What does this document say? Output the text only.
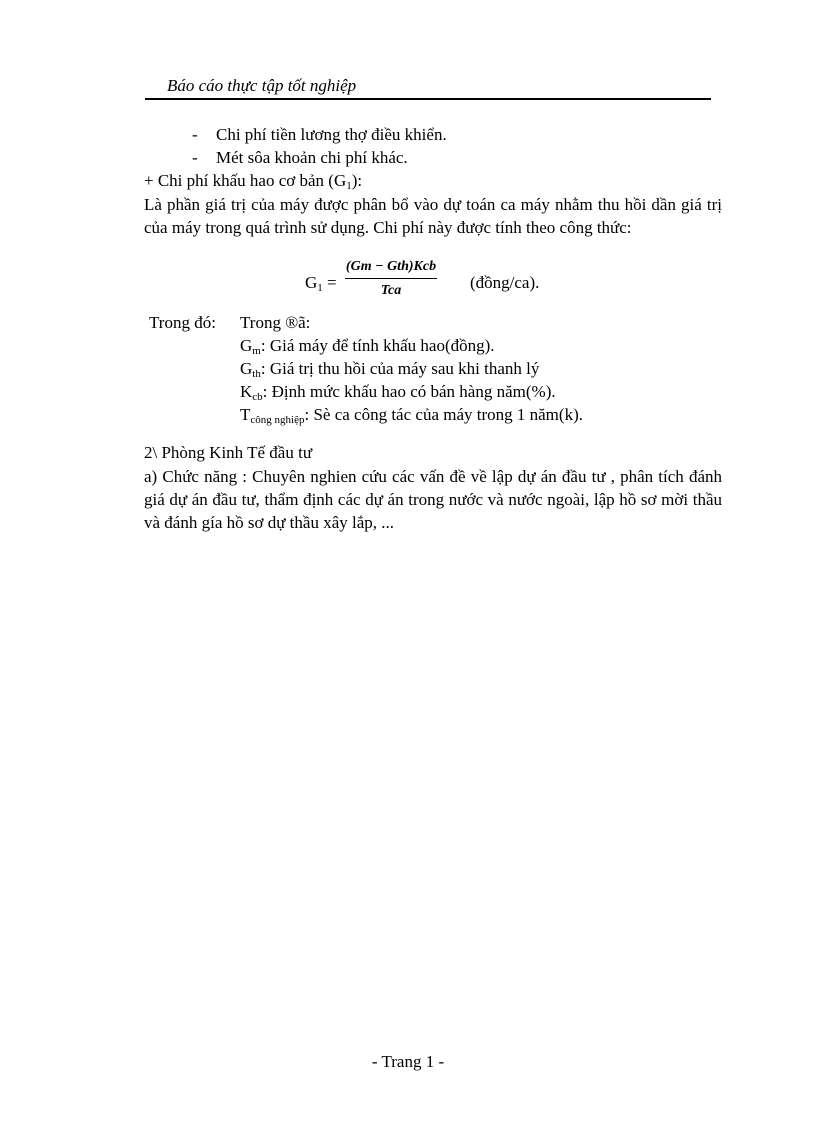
Báo cáo thực tập tốt nghiệp
- Chi phí tiền lương thợ điều khiển.
- Mét sôa khoản chi phí khác.
+ Chi phí khấu hao cơ bản $(G_1)$:
Là phần giá trị của máy được phân bổ vào dự toán ca máy nhằm thu hồi dần giá trị của máy trong quá trình sử dụng. Chi phí này được tính theo công thức:
$G_1$ =
(Gm − Gth)Kcb
Tca	(đồng/ca).
Trong đó: Trong ®ã:
$G_m$: Giá máy để tính khấu hao(đồng).
$G_{th}$: Giá trị thu hồi của máy sau khi thanh lý
$K_{cb}$: Định mức khấu hao có bán hàng năm(%).
$T_{công nghiệp}$: Sè ca công tác của máy trong 1 năm(k).
2\ Phòng Kinh Tế đầu tư
a) Chức năng : Chuyên nghien cứu các vấn đề về lập dự án đầu tư , phân tích đánh giá dự án đầu tư, thẩm định các dự án trong nước và nước ngoài, lập hồ sơ mời thầu và đánh gía hồ sơ dự thầu xây lắp, ...
- Trang 1 -
